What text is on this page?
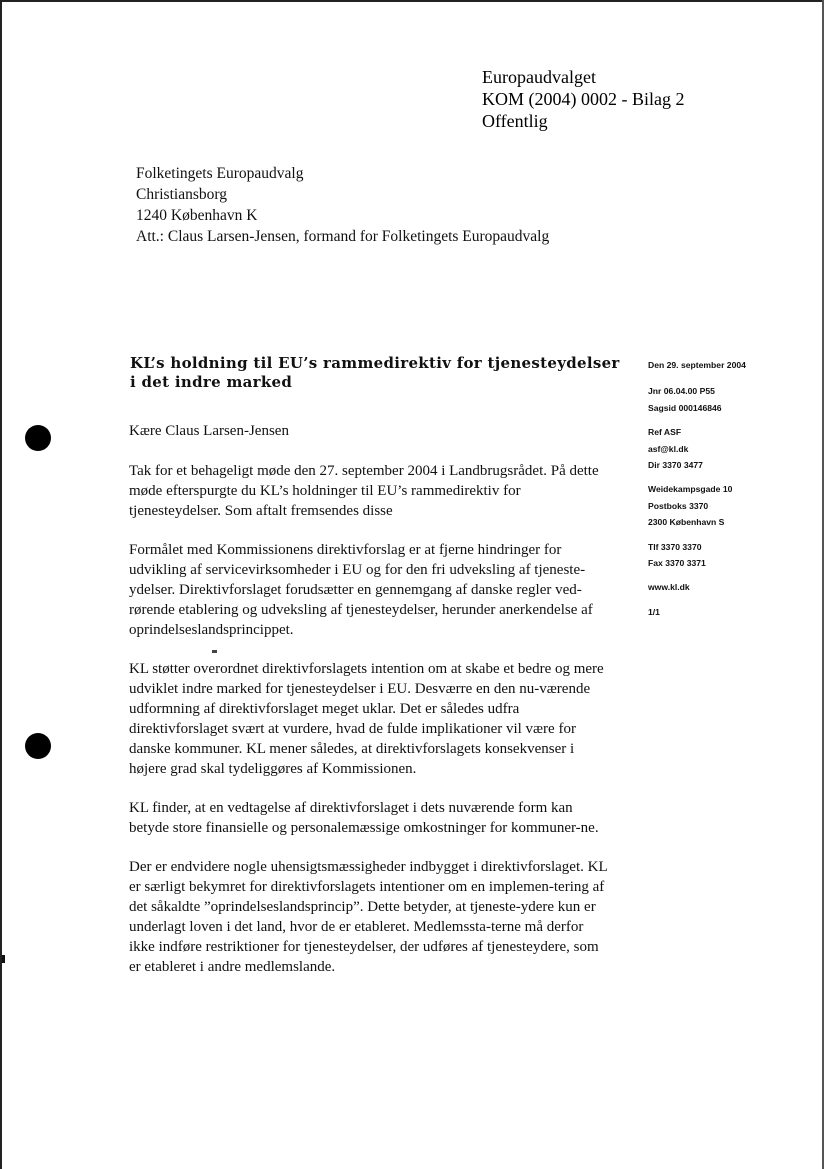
Europaudvalget
KOM (2004) 0002 - Bilag 2
Offentlig
Folketingets Europaudvalg
Christiansborg
1240 København K
Att.: Claus Larsen-Jensen, formand for Folketingets Europaudvalg
KL’s holdning til EU’s rammedirektiv for tjenesteydelser i det indre marked

Kære Claus Larsen-Jensen

Tak for et behageligt møde den 27. september 2004 i Landbrugsrådet. På dette møde efterspurgte du KL’s holdninger til EU’s rammedirektiv for tjenesteydelser. Som aftalt fremsendes disse

Formålet med Kommissionens direktivforslag er at fjerne hindringer for udvikling af servicevirksomheder i EU og for den fri udveksling af tjeneste-ydelser. Direktivforslaget forudsætter en gennemgang af danske regler ved-rørende etablering og udveksling af tjenesteydelser, herunder anerkendelse af oprindelseslandsprincippet.

KL støtter overordnet direktivforslagets intention om at skabe et bedre og mere udviklet indre marked for tjenesteydelser i EU. Desværre en den nu-værende udformning af direktivforslaget meget uklar. Det er således udfra direktivforslaget svært at vurdere, hvad de fulde implikationer vil være for danske kommuner. KL mener således, at direktivforslagets konsekvenser i højere grad skal tydeliggøres af Kommissionen.

KL finder, at en vedtagelse af direktivforslaget i dets nuværende form kan betyde store finansielle og personalemæssige omkostninger for kommuner-ne.

Der er endvidere nogle uhensigtsmæssigheder indbygget i direktivforslaget. KL er særligt bekymret for direktivforslagets intentioner om en implemen-tering af det såkaldte ”oprindelseslandsprincip”. Dette betyder, at tjeneste-ydere kun er underlagt loven i det land, hvor de er etableret. Medlemssta-terne må derfor ikke indføre restriktioner for tjenesteydelser, der udføres af tjenesteydere, som er etableret i andre medlemslande.

Den 29. september 2004
Jnr 06.04.00 P55
Sagsid 000146846
Ref ASF
asf@kl.dk
Dir 3370 3477
Weidekampsgade 10
Postboks 3370
2300 København S
Tlf 3370 3370
Fax 3370 3371
www.kl.dk
1/1
